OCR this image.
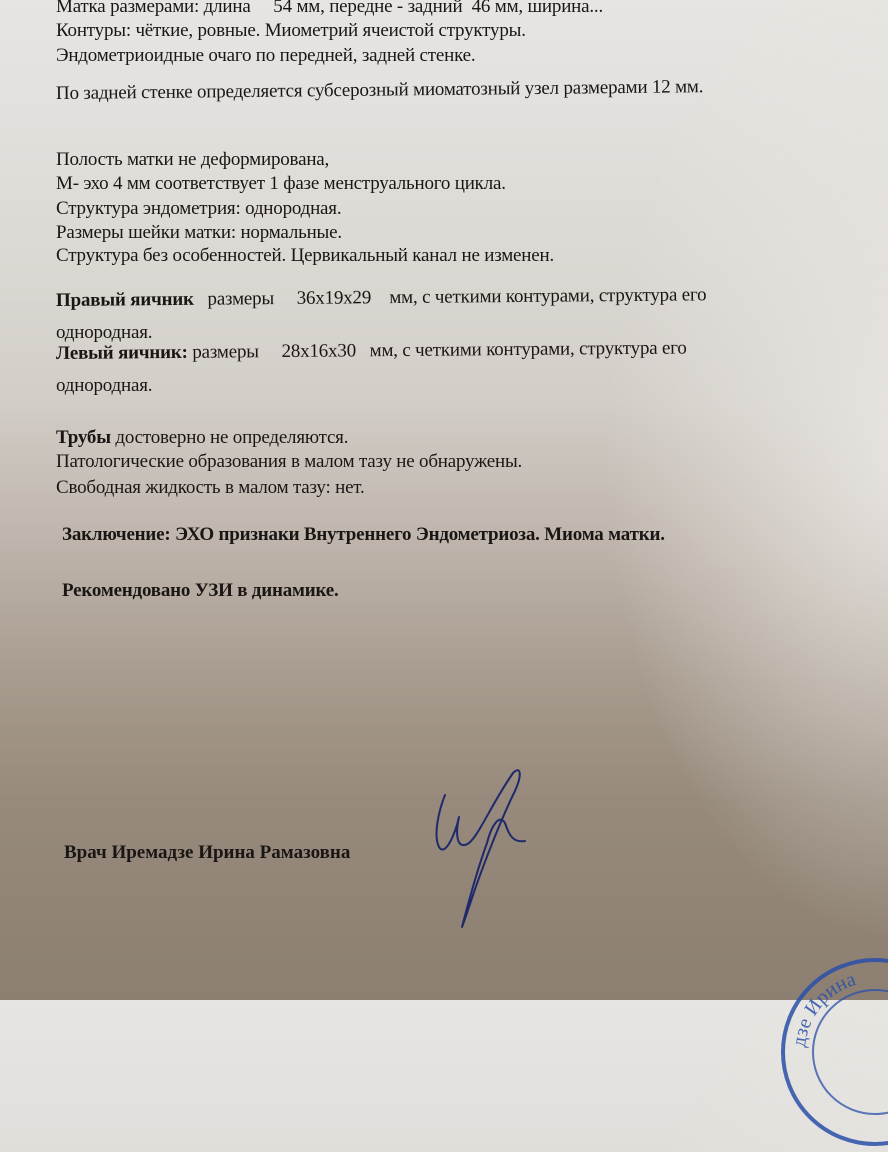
Матка размерами: длина     54 мм, передне - задний  46 мм, ширина...
Контуры: чёткие, ровные. Миометрий ячеистой структуры.
Эндометриоидные очаго по передней, задней стенке.
По задней стенке определяется субсерозный миоматозный узел размерами 12 мм.
Полость матки не деформирована,
М- эхо 4 мм соответствует 1 фазе менструального цикла.
Структура эндометрия: однородная.
Размеры шейки матки: нормальные.
Структура без особенностей. Цервикальный канал не изменен.
Правый яичник   размеры     36x19x29    мм, с четкими контурами, структура его
однородная.
Левый яичник: размеры     28x16x30   мм, с четкими контурами, структура его
однородная.
Трубы достоверно не определяются.
Патологические образования в малом тазу не обнаружены.
Свободная жидкость в малом тазу: нет.
Заключение: ЭХО признаки Внутреннего Эндометриоза. Миома матки.
Рекомендовано УЗИ в динамике.
Врач Иремадзе Ирина Рамазовна
дзе Ирина
